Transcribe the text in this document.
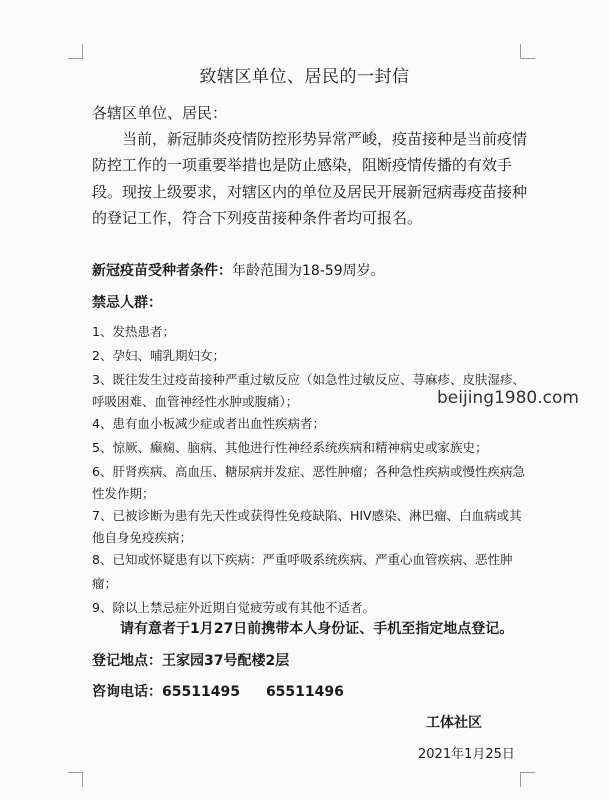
致辖区单位、居民的一封信
各辖区单位、居民：
当前，新冠肺炎疫情防控形势异常严峻，疫苗接种是当前疫情
防控工作的一项重要举措也是防止感染，阻断疫情传播的有效手
段。现按上级要求，对辖区内的单位及居民开展新冠病毒疫苗接种
的登记工作，符合下列疫苗接种条件者均可报名。
新冠疫苗受种者条件：年龄范围为18-59周岁。
禁忌人群：
1、发热患者；
2、孕妇、哺乳期妇女；
3、既往发生过疫苗接种严重过敏反应（如急性过敏反应、荨麻疹、皮肤湿疹、
呼吸困难、血管神经性水肿或腹痛）；
4、患有血小板减少症或者出血性疾病者；
5、惊厥、癫痫、脑病、其他进行性神经系统疾病和精神病史或家族史；
6、肝肾疾病、高血压、糖尿病并发症、恶性肿瘤；各种急性疾病或慢性疾病急
性发作期；
7、已被诊断为患有先天性或获得性免疫缺陷、HIV感染、淋巴瘤、白血病或其
他自身免疫疾病；
8、已知或怀疑患有以下疾病：严重呼吸系统疾病、严重心血管疾病、恶性肿瘤；
9、除以上禁忌症外近期自觉疲劳或有其他不适者。
beijing1980.com
请有意者于1月27日前携带本人身份证、手机至指定地点登记。
登记地点：王家园37号配楼2层
咨询电话：65511495 65511496
工体社区
2021年1月25日
